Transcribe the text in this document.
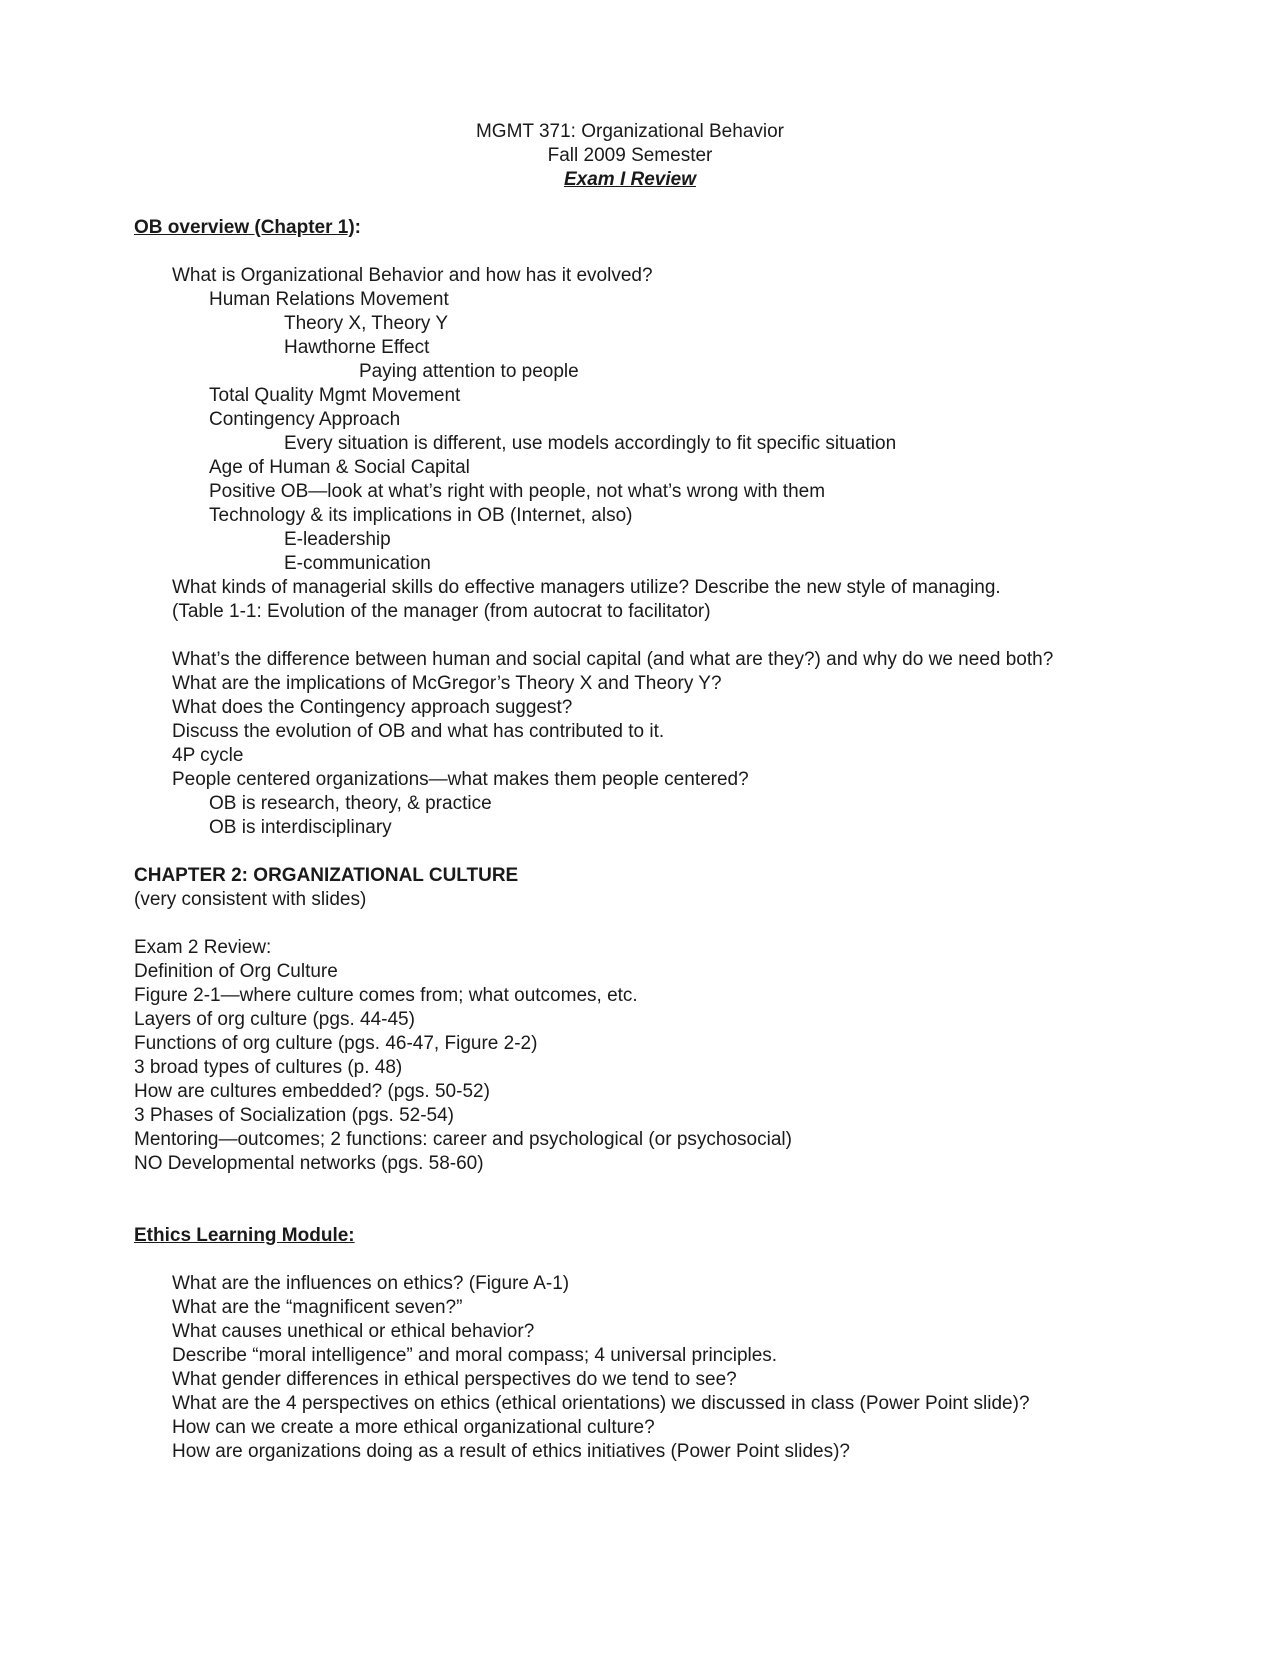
MGMT 371: Organizational Behavior
Fall 2009 Semester
Exam I Review
OB overview (Chapter 1):
What is Organizational Behavior and how has it evolved?
Human Relations Movement
Theory X, Theory Y
Hawthorne Effect
Paying attention to people
Total Quality Mgmt Movement
Contingency Approach
Every situation is different, use models accordingly to fit specific situation
Age of Human & Social Capital
Positive OB—look at what’s right with people, not what’s wrong with them
Technology & its implications in OB (Internet, also)
E-leadership
E-communication
What kinds of managerial skills do effective managers utilize? Describe the new style of managing.
(Table 1-1: Evolution of the manager (from autocrat to facilitator)
What’s the difference between human and social capital (and what are they?) and why do we need both?
What are the implications of McGregor’s Theory X and Theory Y?
What does the Contingency approach suggest?
Discuss the evolution of OB and what has contributed to it.
4P cycle
People centered organizations—what makes them people centered?
OB is research, theory, & practice
OB is interdisciplinary
CHAPTER 2: ORGANIZATIONAL CULTURE
(very consistent with slides)
Exam 2 Review:
Definition of Org Culture
Figure 2-1—where culture comes from; what outcomes, etc.
Layers of org culture (pgs. 44-45)
Functions of org culture (pgs. 46-47, Figure 2-2)
3 broad types of cultures (p. 48)
How are cultures embedded? (pgs. 50-52)
3 Phases of Socialization (pgs. 52-54)
Mentoring—outcomes; 2 functions: career and psychological (or psychosocial)
NO Developmental networks (pgs. 58-60)
Ethics Learning Module:
What are the influences on ethics? (Figure A-1)
What are the “magnificent seven?”
What causes unethical or ethical behavior?
Describe “moral intelligence” and moral compass; 4 universal principles.
What gender differences in ethical perspectives do we tend to see?
What are the 4 perspectives on ethics (ethical orientations) we discussed in class (Power Point slide)?
How can we create a more ethical organizational culture?
How are organizations doing as a result of ethics initiatives (Power Point slides)?
